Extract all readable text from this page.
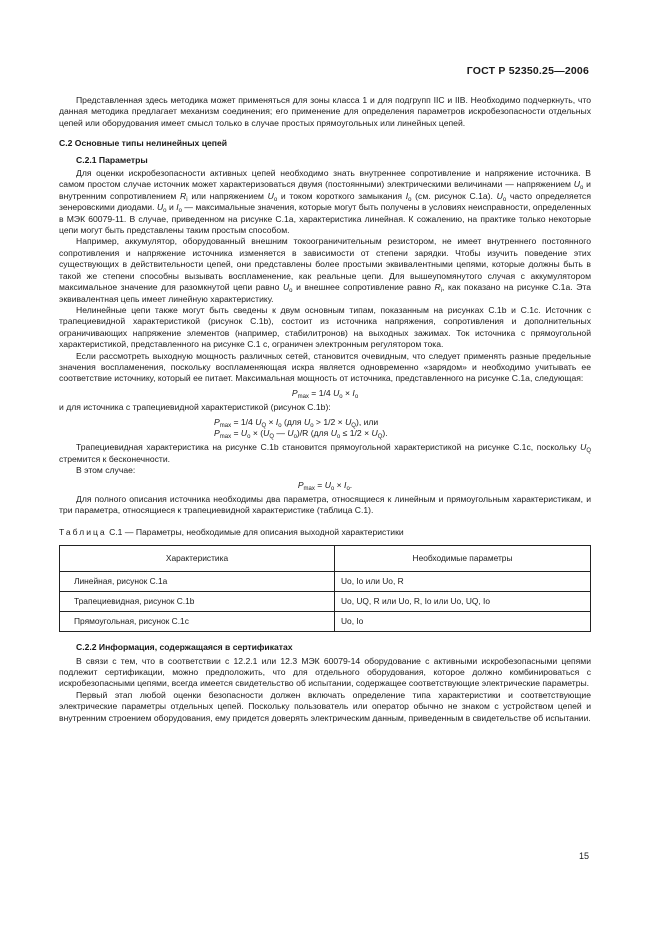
ГОСТ Р 52350.25—2006

Представленная здесь методика может применяться для зоны класса 1 и для подгрупп IIC и IIB. Необходимо подчеркнуть, что данная методика предлагает механизм соединения; его применение для определения параметров искробезопасности отдельных цепей или оборудования имеет смысл только в случае простых прямоугольных или линейных цепей.

С.2 Основные типы нелинейных цепей

С.2.1 Параметры

Для оценки искробезопасности активных цепей необходимо знать внутреннее сопротивление и напряжение источника. В самом простом случае источник может характеризоваться двумя (постоянными) электрическими величинами — напряжением $U_o$ и внутренним сопротивлением $R_i$ или напряжением $U_o$ и током короткого замыкания $I_o$ (см. рисунок С.1а). $U_o$ часто определяется зенеровскими диодами. $U_o$ и $I_o$ — максимальные значения, которые могут быть получены в условиях неисправности, определенных в МЭК 60079-11. В случае, приведенном на рисунке С.1а, характеристика линейная. К сожалению, на практике только некоторые цепи могут быть представлены таким простым способом.

Например, аккумулятор, оборудованный внешним токоограничительным резистором, не имеет внутреннего постоянного сопротивления и напряжение источника изменяется в зависимости от степени зарядки. Чтобы изучить поведение этих существующих в действительности цепей, они представлены более простыми эквивалентными цепями, которые должны быть в такой же степени способны вызывать воспламенение, как реальные цепи. Для вышеупомянутого случая с аккумулятором максимальное значение для разомкнутой цепи равно $U_o$ и внешнее сопротивление равно $R_i$, как показано на рисунке С.1а. Эта эквивалентная цепь имеет линейную характеристику.

Нелинейные цепи также могут быть сведены к двум основным типам, показанным на рисунках С.1b и С.1c. Источник с трапециевидной характеристикой (рисунок С.1b), состоит из источника напряжения, сопротивления и дополнительных ограничивающих напряжение элементов (например, стабилитронов) на выходных зажимах. Ток источника с прямоугольной характеристикой, представленного на рисунке С.1 с, ограничен электронным регулятором тока.

Если рассмотреть выходную мощность различных сетей, становится очевидным, что следует применять разные предельные значения воспламенения, поскольку воспламеняющая искра является одновременно «зарядом» и необходимо учитывать ее соответствие источнику, который ее питает. Максимальная мощность от источника, представленного на рисунке С.1а, следующая:

$P_{max} = 1/4$ $U_o \times I_o$

и для источника с трапециевидной характеристикой (рисунок С.1b):

$P_{max} = 1/4$ $U_Q \times I_o$ (для $U_o > 1/2 \times U_Q$), или
$P_{max} = U_o \times (U_Q$ — $U_o)/R$ (для $U_o \le 1/2 \times U_Q$).

Трапециевидная характеристика на рисунке С.1b становится прямоугольной характеристикой на рисунке С.1с, поскольку $U_Q$ стремится к бесконечности.

В этом случае:

$P_{max} = U_o \times I_o$.

Для полного описания источника необходимы два параметра, относящиеся к линейным и прямоугольным характеристикам, и три параметра, относящиеся к трапециевидной характеристике (таблица С.1).

Таблица С.1 — Параметры, необходимые для описания выходной характеристики

Характеристика	Необходимые параметры
Линейная, рисунок С.1а	Uo, Io или Uo, R
Трапециевидная, рисунок С.1b	Uo, UQ, R или Uo, R, Io или Uo, UQ, Io
Прямоугольная, рисунок С.1с	Uo, Io

С.2.2 Информация, содержащаяся в сертификатах

В связи с тем, что в соответствии с 12.2.1 или 12.3 МЭК 60079-14 оборудование с активными искробезопасными цепями подлежит сертификации, можно предположить, что для отдельного оборудования, которое должно комбинироваться с искробезопасными цепями, всегда имеется свидетельство об испытании, содержащее соответствующие электрические параметры.

Первый этап любой оценки безопасности должен включать определение типа характеристики и соответствующие электрические параметры отдельных цепей. Поскольку пользователь или оператор обычно не знаком с устройством цепей и внутренним строением оборудования, ему придется доверять электрическим данным, приведенным в свидетельстве об испытании.

15
